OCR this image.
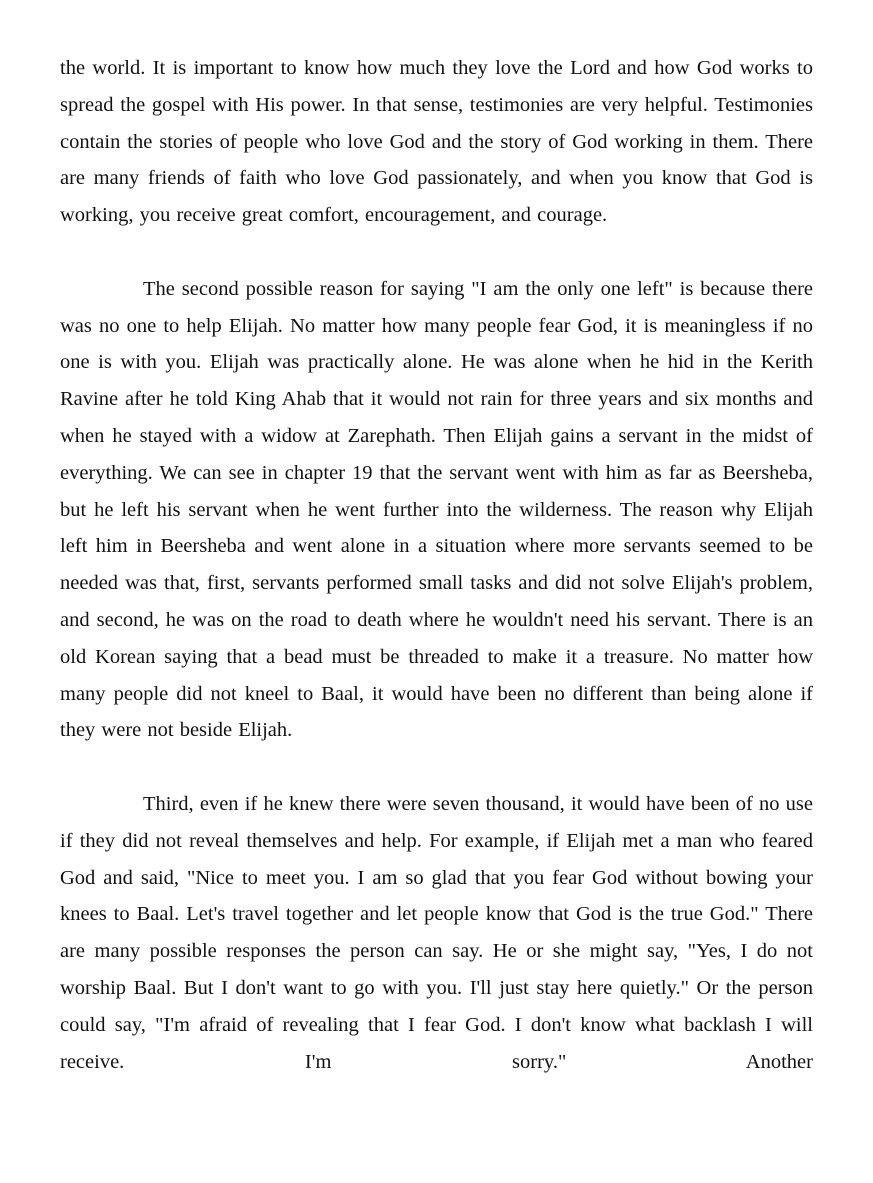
the world. It is important to know how much they love the Lord and how God works to spread the gospel with His power. In that sense, testimonies are very helpful. Testimonies contain the stories of people who love God and the story of God working in them. There are many friends of faith who love God passionately, and when you know that God is working, you receive great comfort, encouragement, and courage.

The second possible reason for saying "I am the only one left" is because there was no one to help Elijah. No matter how many people fear God, it is meaningless if no one is with you. Elijah was practically alone. He was alone when he hid in the Kerith Ravine after he told King Ahab that it would not rain for three years and six months and when he stayed with a widow at Zarephath. Then Elijah gains a servant in the midst of everything. We can see in chapter 19 that the servant went with him as far as Beersheba, but he left his servant when he went further into the wilderness. The reason why Elijah left him in Beersheba and went alone in a situation where more servants seemed to be needed was that, first, servants performed small tasks and did not solve Elijah's problem, and second, he was on the road to death where he wouldn't need his servant. There is an old Korean saying that a bead must be threaded to make it a treasure. No matter how many people did not kneel to Baal, it would have been no different than being alone if they were not beside Elijah.

Third, even if he knew there were seven thousand, it would have been of no use if they did not reveal themselves and help. For example, if Elijah met a man who feared God and said, "Nice to meet you. I am so glad that you fear God without bowing your knees to Baal. Let's travel together and let people know that God is the true God." There are many possible responses the person can say. He or she might say, "Yes, I do not worship Baal. But I don't want to go with you. I'll just stay here quietly." Or the person could say, "I'm afraid of revealing that I fear God. I don't know what backlash I will receive. I'm sorry." Another
